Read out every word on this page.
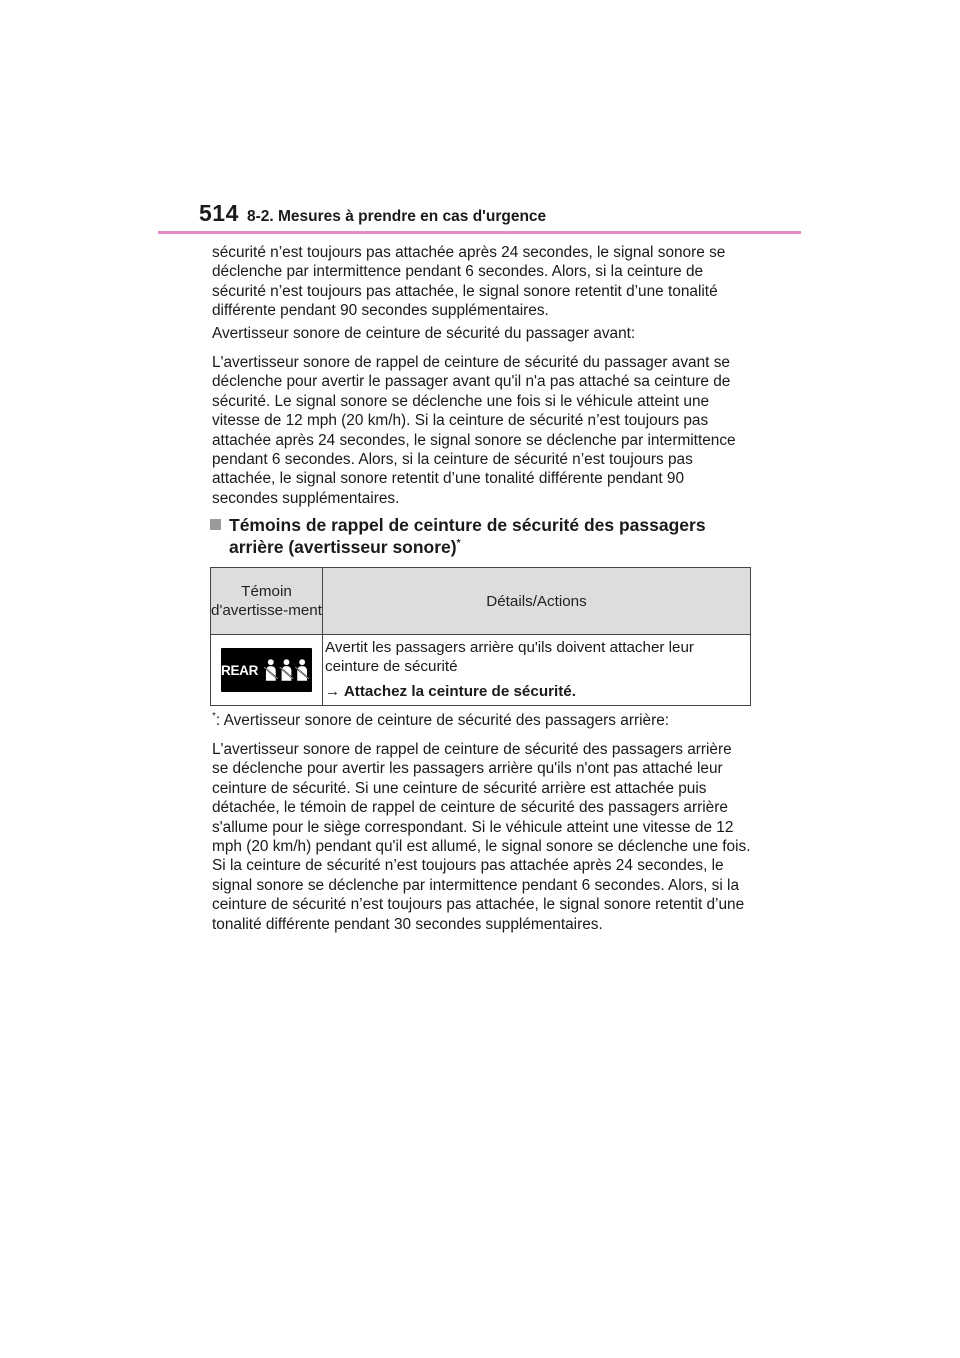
514 8-2. Mesures à prendre en cas d'urgence

sécurité n’est toujours pas attachée après 24 secondes, le signal sonore se déclenche par intermittence pendant 6 secondes. Alors, si la ceinture de sécurité n’est toujours pas attachée, le signal sonore retentit d’une tonalité différente pendant 90 secondes supplémentaires.

Avertisseur sonore de ceinture de sécurité du passager avant:

L'avertisseur sonore de rappel de ceinture de sécurité du passager avant se déclenche pour avertir le passager avant qu'il n'a pas attaché sa ceinture de sécurité. Le signal sonore se déclenche une fois si le véhicule atteint une vitesse de 12 mph (20 km/h). Si la ceinture de sécurité n’est toujours pas attachée après 24 secondes, le signal sonore se déclenche par intermittence pendant 6 secondes. Alors, si la ceinture de sécurité n’est toujours pas attachée, le signal sonore retentit d’une tonalité différente pendant 90 secondes supplémentaires.

Témoins de rappel de ceinture de sécurité des passagers arrière (avertisseur sonore)*

Témoin d'avertisse-ment	Détails/Actions

REAR	Avertit les passagers arrière qu'ils doivent attacher leur ceinture de sécurité
→ Attachez la ceinture de sécurité.

*: Avertisseur sonore de ceinture de sécurité des passagers arrière:

L'avertisseur sonore de rappel de ceinture de sécurité des passagers arrière se déclenche pour avertir les passagers arrière qu'ils n'ont pas attaché leur ceinture de sécurité. Si une ceinture de sécurité arrière est attachée puis détachée, le témoin de rappel de ceinture de sécurité des passagers arrière s'allume pour le siège correspondant. Si le véhicule atteint une vitesse de 12 mph (20 km/h) pendant qu'il est allumé, le signal sonore se déclenche une fois. Si la ceinture de sécurité n’est toujours pas attachée après 24 secondes, le signal sonore se déclenche par intermittence pendant 6 secondes. Alors, si la ceinture de sécurité n’est toujours pas attachée, le signal sonore retentit d’une tonalité différente pendant 30 secondes supplémentaires.
